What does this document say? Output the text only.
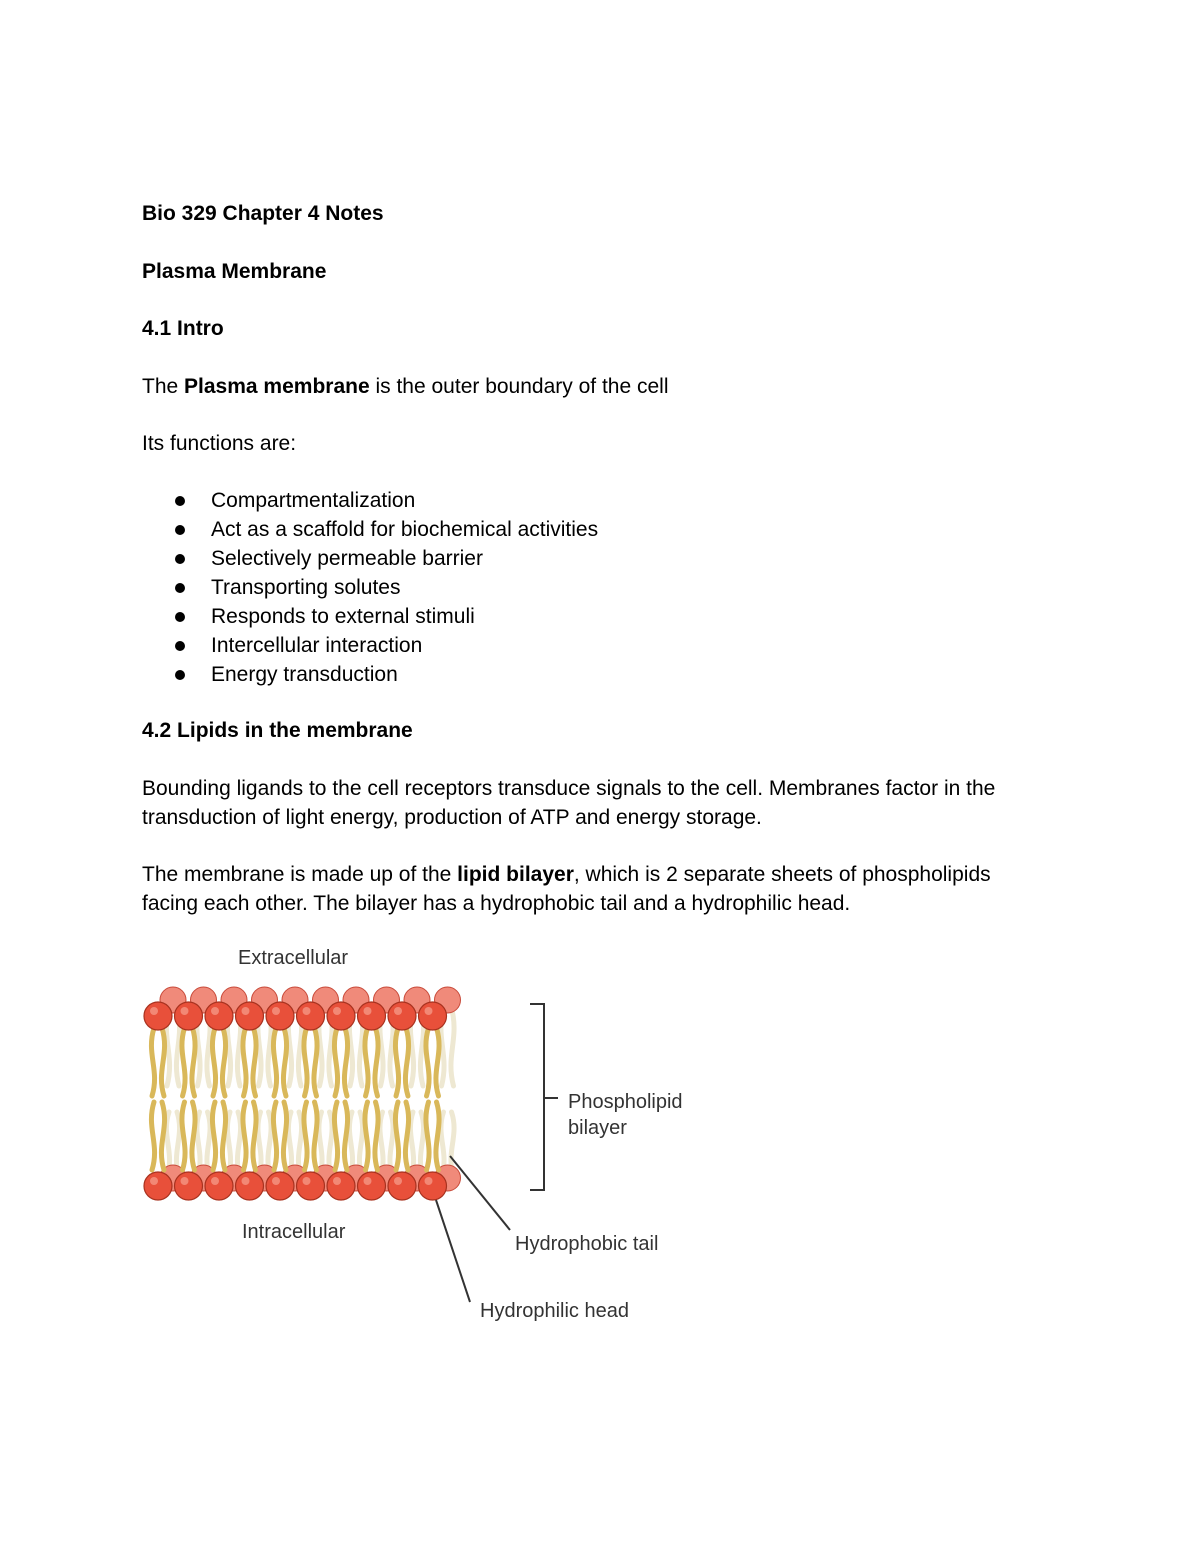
Bio 329 Chapter 4 Notes

Plasma Membrane

4.1 Intro

The Plasma membrane is the outer boundary of the cell

Its functions are:

Compartmentalization
Act as a scaffold for biochemical activities
Selectively permeable barrier
Transporting solutes
Responds to external stimuli
Intercellular interaction
Energy transduction

4.2 Lipids in the membrane

Bounding ligands to the cell receptors transduce signals to the cell. Membranes factor in the transduction of light energy, production of ATP and energy storage.

The membrane is made up of the lipid bilayer, which is 2 separate sheets of phospholipids facing each other. The bilayer has a hydrophobic tail and a hydrophilic head.

Extracellular
Intracellular
Phospholipid
bilayer
Hydrophobic tail
Hydrophilic head
